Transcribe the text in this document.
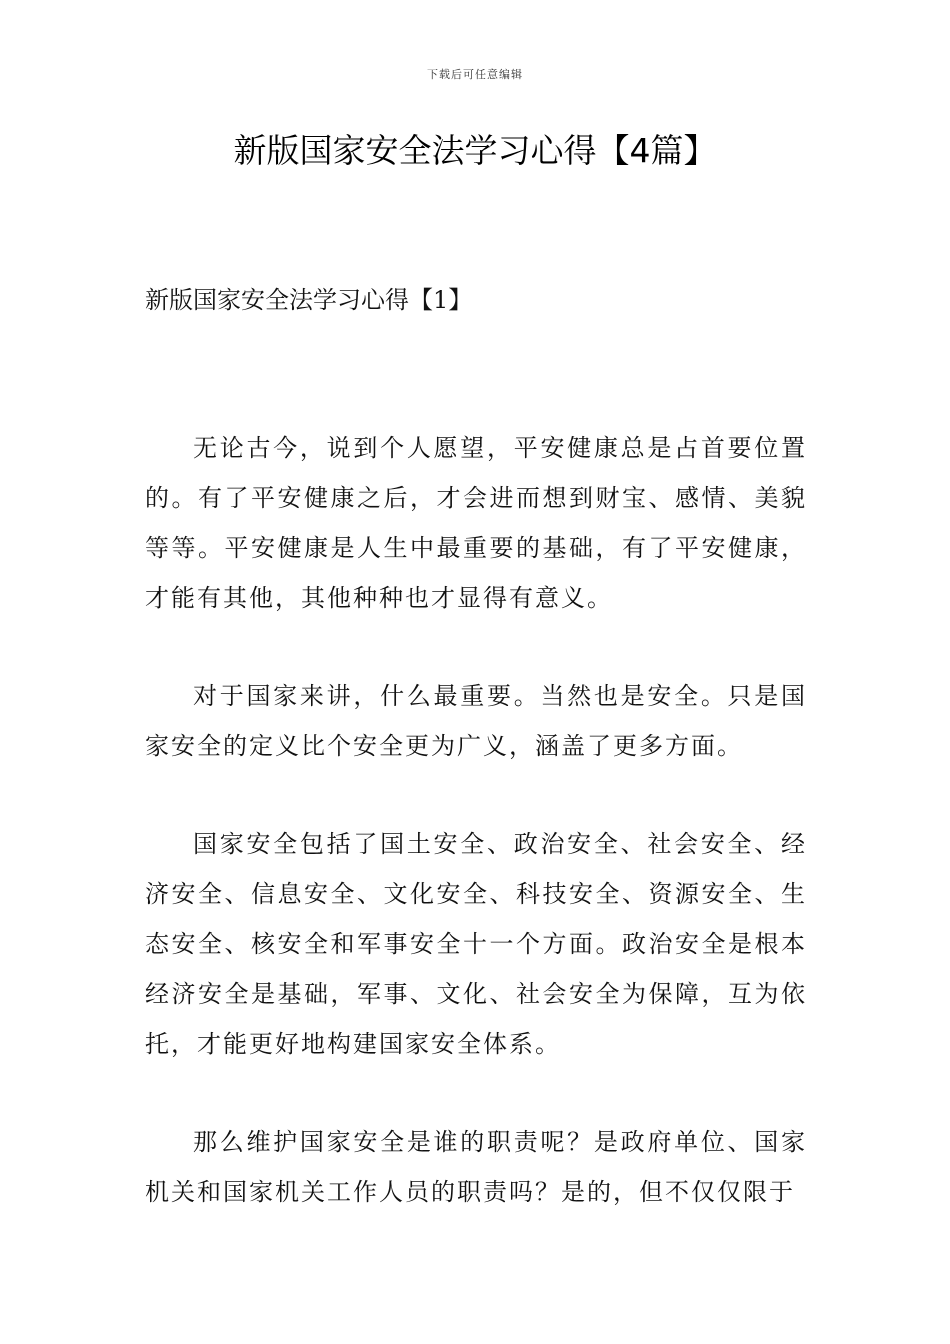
下载后可任意编辑
新版国家安全法学习心得【4篇】
新版国家安全法学习心得【1】

无论古今，说到个人愿望，平安健康总是占首要位置的。有了平安健康之后，才会进而想到财宝、感情、美貌等等。平安健康是人生中最重要的基础，有了平安健康，才能有其他，其他种种也才显得有意义。

对于国家来讲，什么最重要。当然也是安全。只是国家安全的定义比个安全更为广义，涵盖了更多方面。

国家安全包括了国土安全、政治安全、社会安全、经济安全、信息安全、文化安全、科技安全、资源安全、生态安全、核安全和军事安全十一个方面。政治安全是根本经济安全是基础，军事、文化、社会安全为保障，互为依托，才能更好地构建国家安全体系。

那么维护国家安全是谁的职责呢？是政府单位、国家机关和国家机关工作人员的职责吗？是的，但不仅仅限于
